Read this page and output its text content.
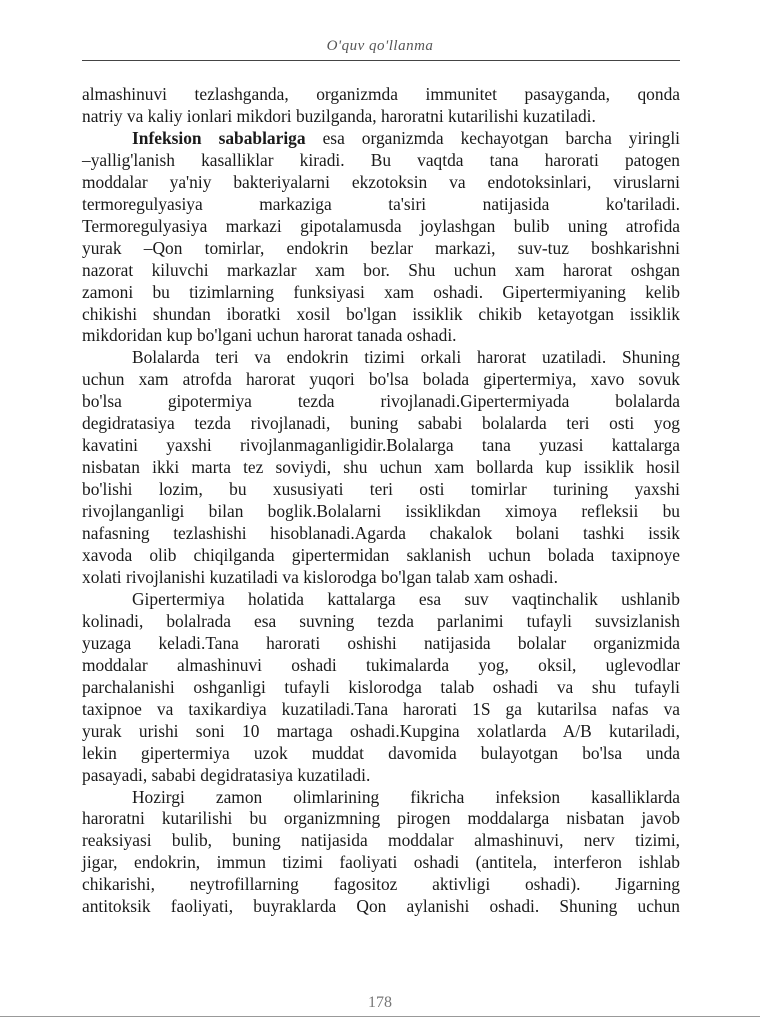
O'quv qo'llanma
almashinuvi tezlashganda, organizmda immunitet pasayganda, qonda
natriy va kaliy ionlari mikdori buzilganda, haroratni kutarilishi kuzatiladi.
Infeksion sabablariga esa organizmda kechayotgan barcha yiringli
–yallig'lanish kasalliklar kiradi. Bu vaqtda tana harorati patogen
moddalar ya'niy bakteriyalarni ekzotoksin va endotoksinlari, viruslarni
termoregulyasiya markaziga ta'siri natijasida ko'tariladi.
Termoregulyasiya markazi gipotalamusda joylashgan bulib uning atrofida
yurak –Qon tomirlar, endokrin bezlar markazi, suv-tuz boshkarishni
nazorat kiluvchi markazlar xam bor. Shu uchun xam harorat oshgan
zamoni bu tizimlarning funksiyasi xam oshadi. Gipertermiyaning kelib
chikishi shundan iboratki xosil bo'lgan issiklik chikib ketayotgan issiklik
mikdoridan kup bo'lgani uchun harorat tanada oshadi.
Bolalarda teri va endokrin tizimi orkali harorat uzatiladi. Shuning
uchun xam atrofda harorat yuqori bo'lsa bolada gipertermiya, xavo sovuk
bo'lsa gipotermiya tezda rivojlanadi.Gipertermiyada bolalarda
degidratasiya tezda rivojlanadi, buning sababi bolalarda teri osti yog
kavatini yaxshi rivojlanmaganligidir.Bolalarga tana yuzasi kattalarga
nisbatan ikki marta tez soviydi, shu uchun xam bollarda kup issiklik hosil
bo'lishi lozim, bu xususiyati teri osti tomirlar turining yaxshi
rivojlanganligi bilan boglik.Bolalarni issiklikdan ximoya refleksii bu
nafasning tezlashishi hisoblanadi.Agarda chakalok bolani tashki issik
xavoda olib chiqilganda gipertermidan saklanish uchun bolada taxipnoye
xolati rivojlanishi kuzatiladi va kislorodga bo'lgan talab xam oshadi.
Gipertermiya holatida kattalarga esa suv vaqtinchalik ushlanib
kolinadi, bolalrada esa suvning tezda parlanimi tufayli suvsizlanish
yuzaga keladi.Tana harorati oshishi natijasida bolalar organizmida
moddalar almashinuvi oshadi tukimalarda yog, oksil, uglevodlar
parchalanishi oshganligi tufayli kislorodga talab oshadi va shu tufayli
taxipnoe va taxikardiya kuzatiladi.Tana harorati 1S ga kutarilsa nafas va
yurak urishi soni 10 martaga oshadi.Kupgina xolatlarda A/B kutariladi,
lekin gipertermiya uzok muddat davomida bulayotgan bo'lsa unda
pasayadi, sababi degidratasiya kuzatiladi.
Hozirgi zamon olimlarining fikricha infeksion kasalliklarda
haroratni kutarilishi bu organizmning pirogen moddalarga nisbatan javob
reaksiyasi bulib, buning natijasida moddalar almashinuvi, nerv tizimi,
jigar, endokrin, immun tizimi faoliyati oshadi (antitela, interferon ishlab
chikarishi, neytrofillarning fagositoz aktivligi oshadi). Jigarning
antitoksik faoliyati, buyraklarda Qon aylanishi oshadi. Shuning uchun
178
